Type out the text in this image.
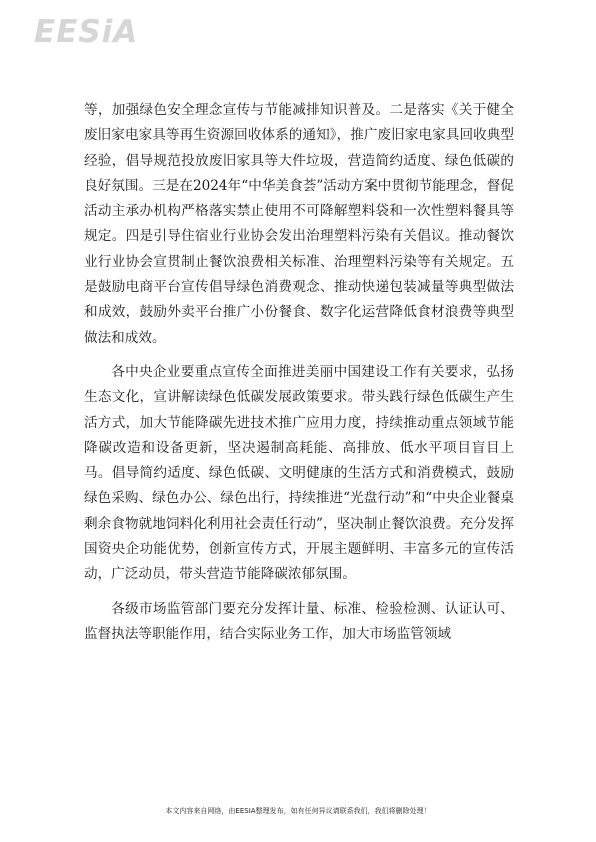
EESiA

等，加强绿色安全理念宣传与节能减排知识普及。二是落实《关于健全废旧家电家具等再生资源回收体系的通知》，推广废旧家电家具回收典型经验，倡导规范投放废旧家具等大件垃圾，营造简约适度、绿色低碳的良好氛围。三是在2024年“中华美食荟”活动方案中贯彻节能理念，督促活动主承办机构严格落实禁止使用不可降解塑料袋和一次性塑料餐具等规定。四是引导住宿业行业协会发出治理塑料污染有关倡议。推动餐饮业行业协会宣贯制止餐饮浪费相关标准、治理塑料污染等有关规定。五是鼓励电商平台宣传倡导绿色消费观念、推动快递包装减量等典型做法和成效，鼓励外卖平台推广小份餐食、数字化运营降低食材浪费等典型做法和成效。

各中央企业要重点宣传全面推进美丽中国建设工作有关要求，弘扬生态文化，宣讲解读绿色低碳发展政策要求。带头践行绿色低碳生产生活方式，加大节能降碳先进技术推广应用力度，持续推动重点领域节能降碳改造和设备更新，坚决遏制高耗能、高排放、低水平项目盲目上马。倡导简约适度、绿色低碳、文明健康的生活方式和消费模式，鼓励绿色采购、绿色办公、绿色出行，持续推进“光盘行动”和“中央企业餐桌剩余食物就地饲料化利用社会责任行动”，坚决制止餐饮浪费。充分发挥国资央企功能优势，创新宣传方式，开展主题鲜明、丰富多元的宣传活动，广泛动员，带头营造节能降碳浓郁氛围。

各级市场监管部门要充分发挥计量、标准、检验检测、认证认可、监督执法等职能作用，结合实际业务工作，加大市场监管领域

本文内容来自网络，由EESIA整理发布，如有任何异议请联系我们，我们将删除处理！
